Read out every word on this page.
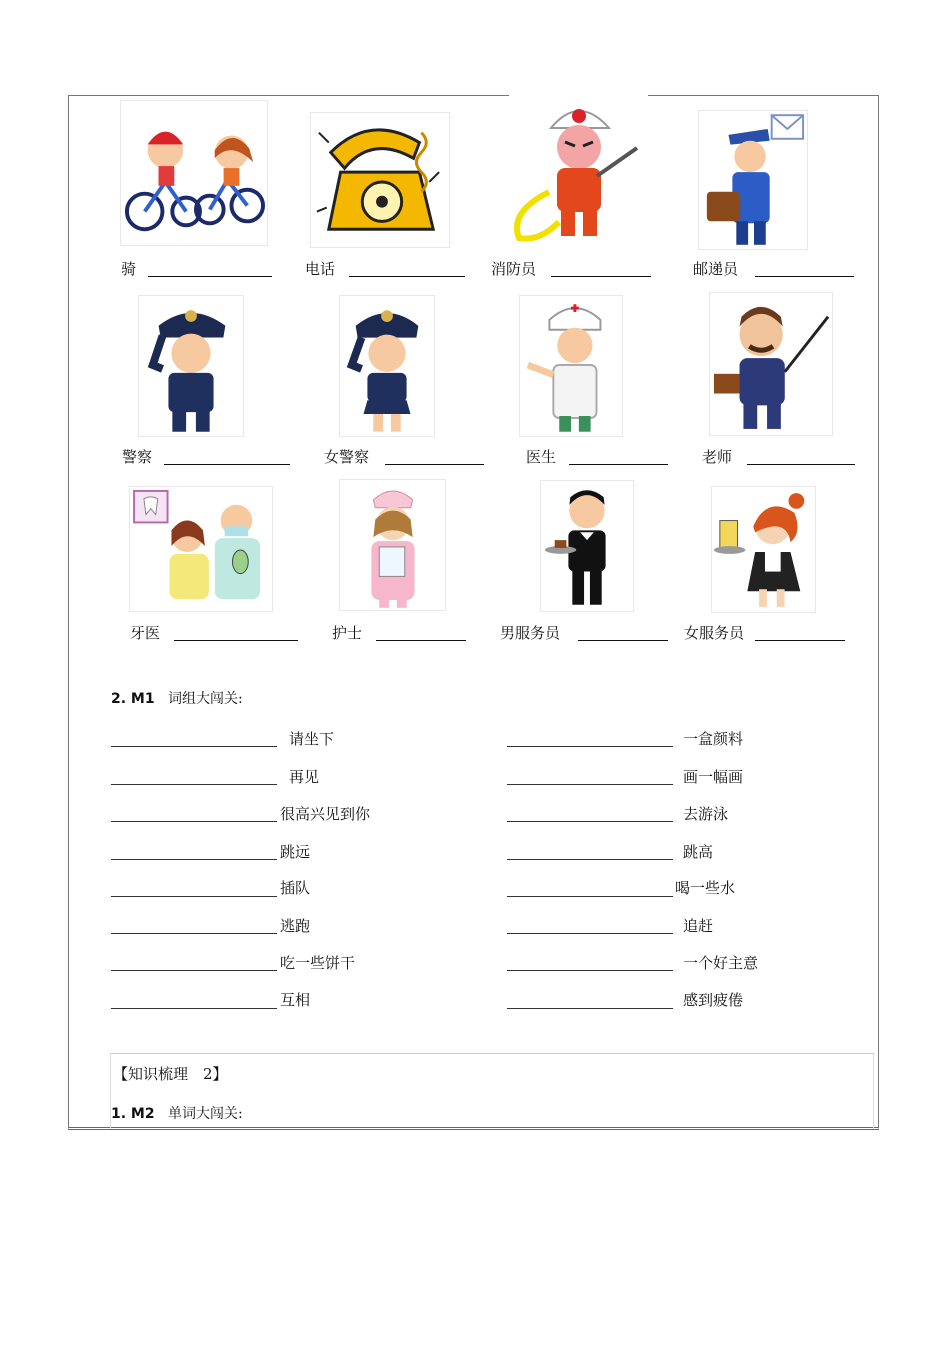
骑	电话	消防员	邮递员
警察	女警察	医生	老师
牙医	护士	男服务员	女服务员
2. M1 词组大闯关:
请坐下
再见
很高兴见到你
跳远
插队
逃跑
吃一些饼干
互相
一盒颜料
画一幅画
去游泳
跳高
喝一些水
追赶
一个好主意
感到疲倦
【知识梳理　2】
1. M2 单词大闯关:
